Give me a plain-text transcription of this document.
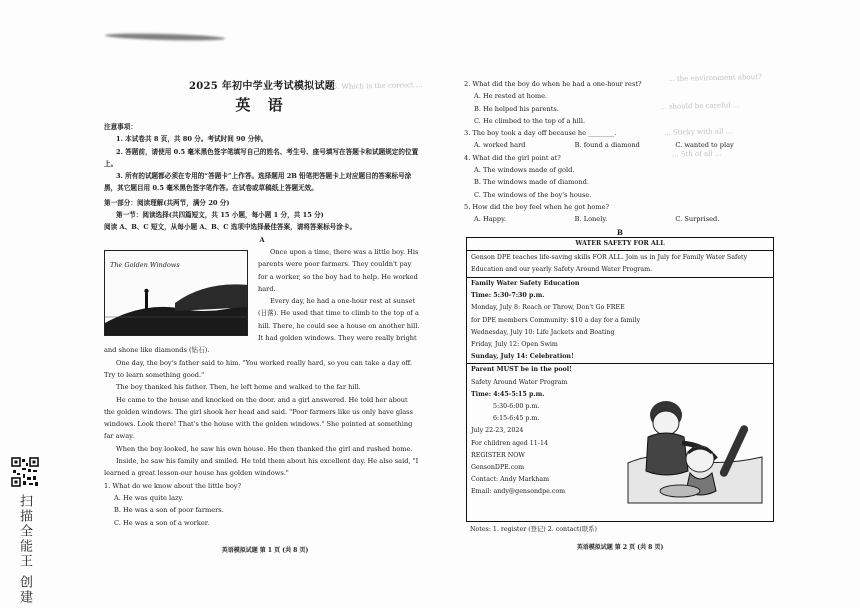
(5. Which is the correct ...
... the environment about?
... should be careful ...
... Sticky with all ...
... 5th of all ...
2025 年初中学业考试模拟试题
英 语
注意事项：
1. 本试卷共 8 页，共 80 分。考试时间 90 分钟。
2. 答题前，请使用 0.5 毫米黑色签字笔填写自己的姓名、考生号、座号填写在答题卡和试题规定的位置上。
3. 所有的试题都必须在专用的“答题卡”上作答。选择题用 2B 铅笔把答题卡上对应题目的答案标号涂黑，其它题目用 0.5 毫米黑色签字笔作答。在试卷或草稿纸上答题无效。
第一部分：阅读理解(共两节，满分 20 分)
第一节：阅读选择(共四篇短文，共 15 小题，每小题 1 分，共 15 分)
阅读 A、B、C 短文，从每小题 A、B、C 选项中选择最佳答案，请将答案标号涂卡。
A
The Golden Windows
Once upon a time, there was a little boy. His parents were poor farmers. They couldn't pay for a worker, so the boy had to help. He worked hard.
Every day, he had a one-hour rest at sunset (日落). He used that time to climb to the top of a hill. There, he could see a house on another hill. It had golden windows. They were really bright and shone like diamonds (钻石).
One day, the boy's father said to him. "You worked really hard, so you can take a day off. Try to learn something good."
The boy thanked his father. Then, he left home and walked to the far hill.
He came to the house and knocked on the door. and a girl answered. He told her about the golden windows. The girl shook her head and said. "Poor farmers like us only have glass windows. Look there! That's the house with the golden windows." She pointed at something far away.
When the boy looked, he saw his own house. He then thanked the girl and rushed home.
Inside, he saw his family and smiled. He told them about his excellent day. He also said, "I learned a great lesson-our house has golden windows."
1. What do we know about the little boy?
A. He was quite lazy.
B. He was a son of poor farmers.
C. He was a son of a worker.
英语模拟试题 第 1 页 (共 8 页)
2. What did the boy do when he had a one-hour rest?
A. He rested at home.
B. He helped his parents.
C. He climbed to the top of a hill.
3. The boy took a day off because he ________.
A. worked hard	B. found a diamond	C. wanted to play
4. What did the girl point at?
A. The windows made of gold.
B. The windows made of diamond.
C. The windows of the boy's house.
5. How did the boy feel when he got home?
A. Happy.	B. Lonely.	C. Surprised.
B
WATER SAFETY FOR ALL
Genson DPE teaches life-saving skills FOR ALL. Join us in July for Family Water Safety Education and our yearly Safety Around Water Program.
Family Water Safety Education
Time: 5:30-7:30 p.m.
Monday, July 8: Reach or Throw, Don't Go FREE
for DPE members Community: $10 a day for a family
Wednesday, July 10: Life Jackets and Boating
Friday, July 12: Open Swim
Sunday, July 14: Celebration!
Parent MUST be in the pool!
Safety Around Water Program
Time: 4:45-5:15 p.m.
5:30-6:00 p.m.
6:15-6:45 p.m.
July 22-23, 2024
For children aged 11-14
REGISTER NOW
GensonDPE.com
Contact: Andy Markham
Email: andy@gensondpe.com
Notes: 1. register (登记) 2. contact(联系)
英语模拟试题 第 2 页 (共 8 页)
扫描全能王 创建
